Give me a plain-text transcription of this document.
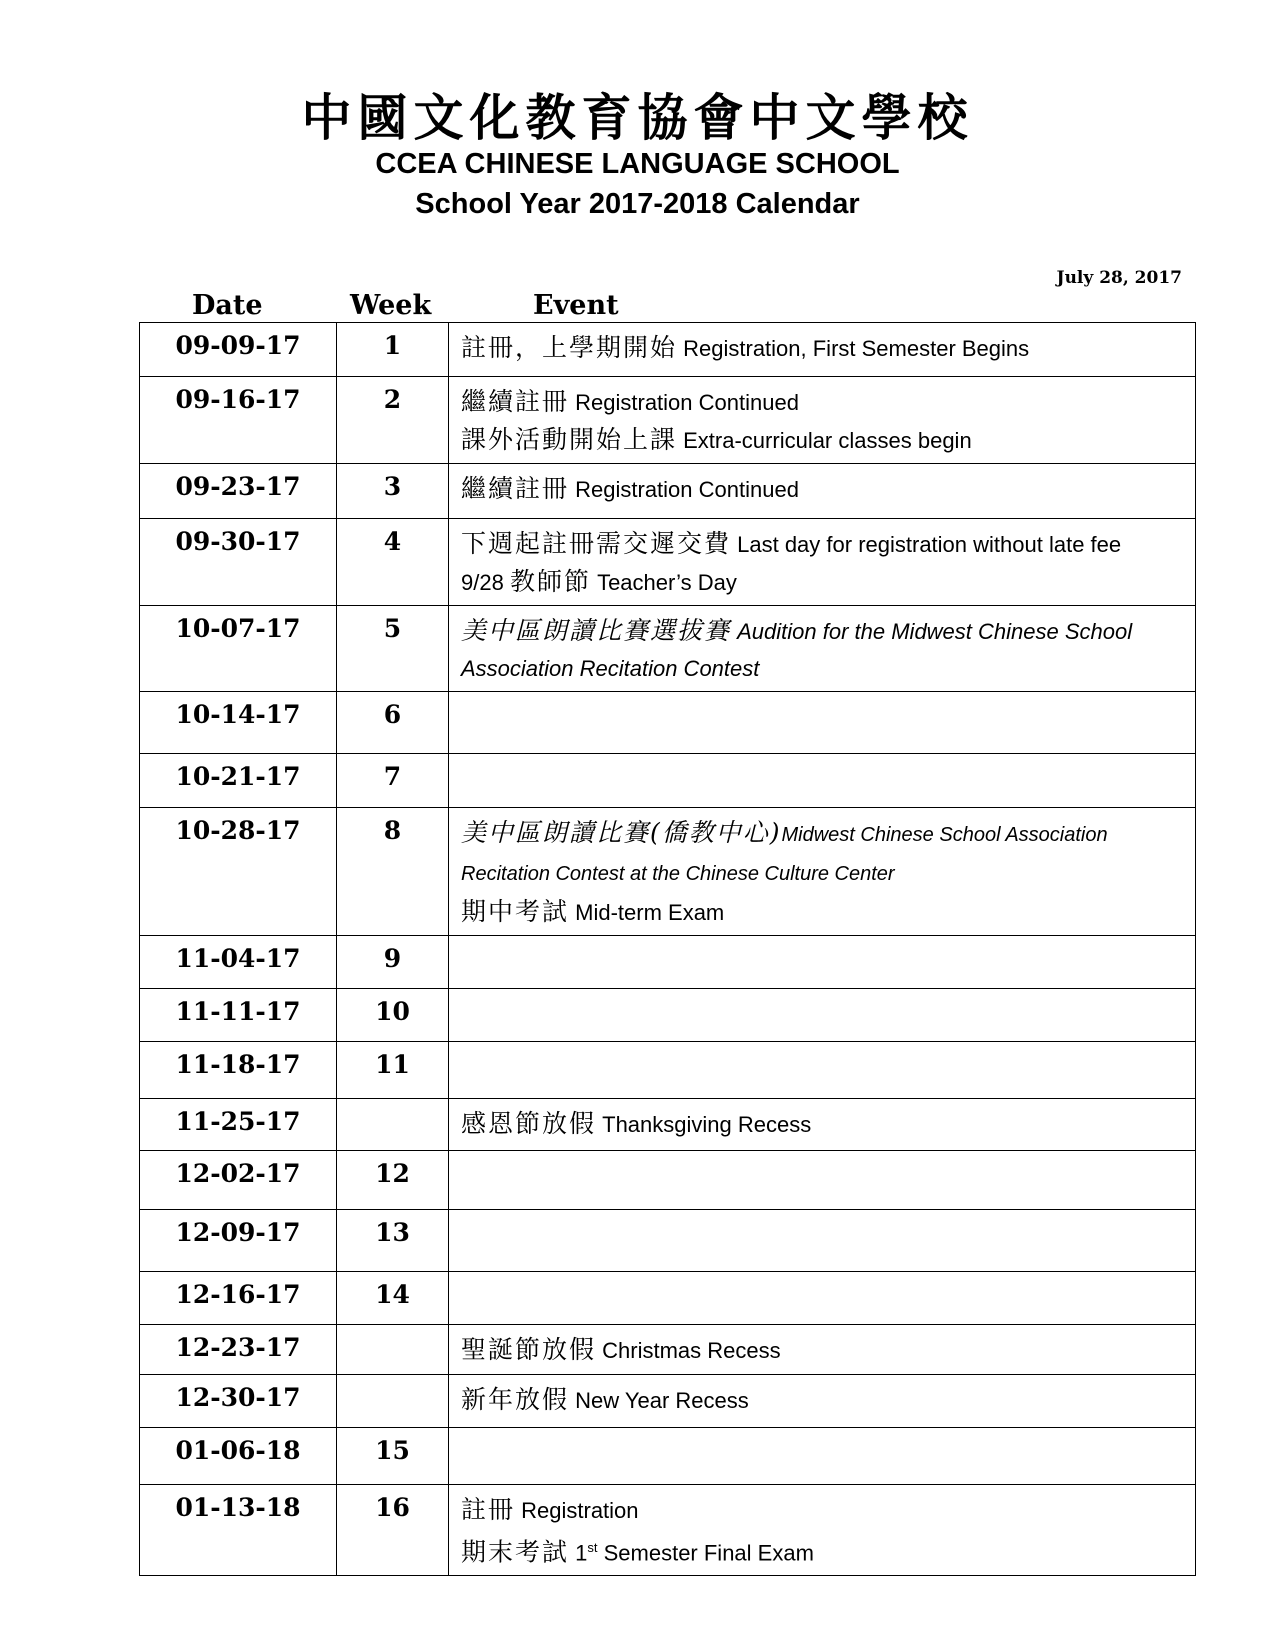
中國文化教育協會中文學校
CCEA CHINESE LANGUAGE SCHOOL
School Year 2017-2018 Calendar
July 28, 2017
Date	Week	Event
09-09-17	1	註冊，上學期開始 Registration, First Semester Begins

09-16-17	2	繼續註冊 Registration Continued
課外活動開始上課 Extra-curricular classes begin

09-23-17	3	繼續註冊 Registration Continued

09-30-17	4	下週起註冊需交遲交費 Last day for registration without late fee
9/28 教師節 Teacher’s Day

10-07-17	5	美中區朗讀比賽選拔賽 Audition for the Midwest Chinese School
Association Recitation Contest

10-14-17	6	
10-21-17	7	
10-28-17	8	美中區朗讀比賽(僑教中心)Midwest Chinese School Association
Recitation Contest at the Chinese Culture Center
期中考試 Mid-term Exam

11-04-17	9	
11-11-17	10	
11-18-17	11	
11-25-17		感恩節放假 Thanksgiving Recess

12-02-17	12	
12-09-17	13	
12-16-17	14	
12-23-17		聖誕節放假 Christmas Recess

12-30-17		新年放假 New Year Recess

01-06-18	15	
01-13-18	16	註冊 Registration
期末考試 1st Semester Final Exam
